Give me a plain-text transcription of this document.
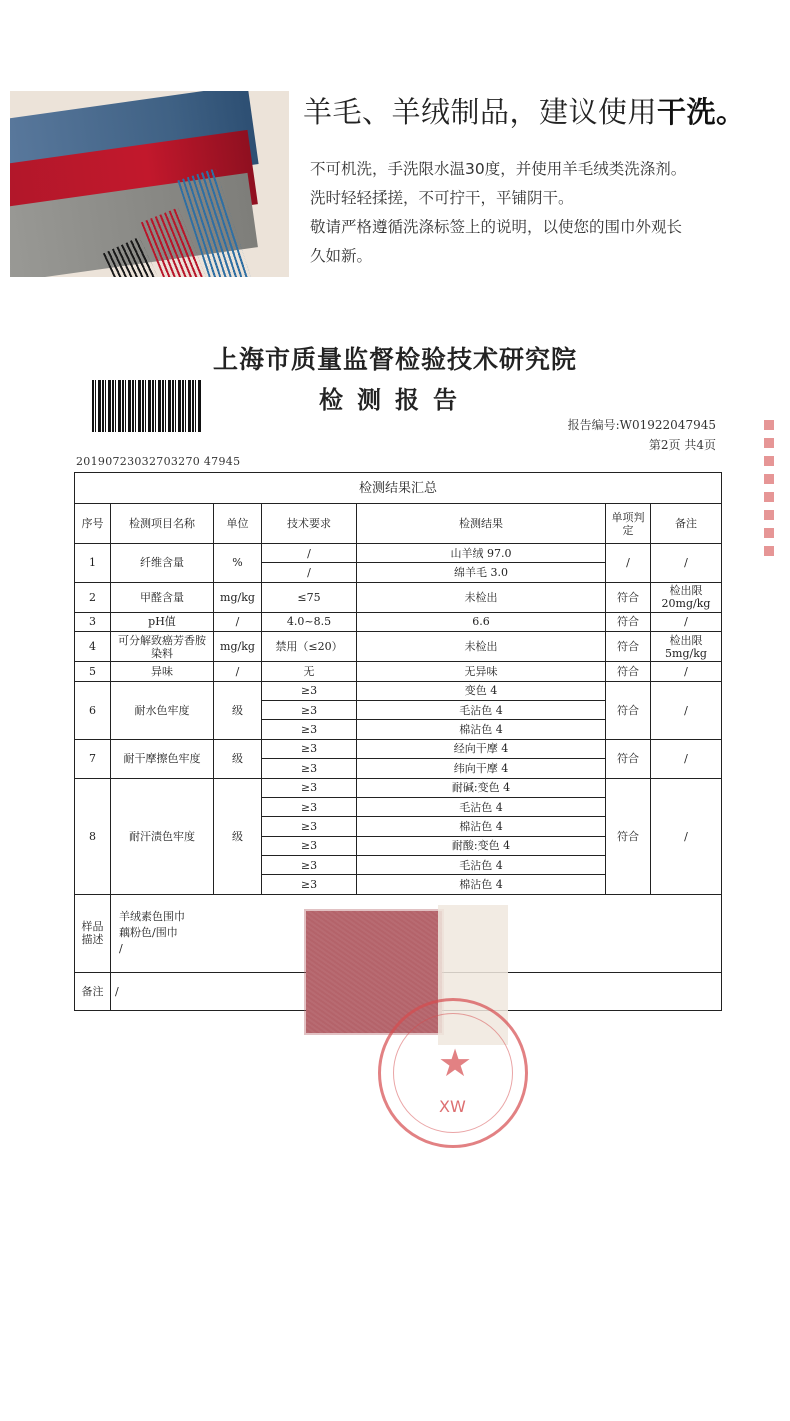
羊毛、羊绒制品，建议使用干洗。
不可机洗，手洗限水温30度，并使用羊毛绒类洗涤剂。
洗时轻轻揉搓，不可拧干，平铺阴干。
敬请严格遵循洗涤标签上的说明，以使您的围巾外观长
久如新。
上海市质量监督检验技术研究院
检测报告
报告编号:W01922047945
第2页 共4页
20190723032703270 47945
检测结果汇总						
序号	检测项目名称	单位	技术要求	检测结果	单项判定	备注
1	纤维含量	%	/	山羊绒 97.0	/	/
			/	绵羊毛 3.0		
2	甲醛含量	mg/kg	≤75	未检出	符合	检出限20mg/kg
3	pH值	/	4.0~8.5	6.6	符合	/
4	可分解致癌芳香胺染料	mg/kg	禁用（≤20）	未检出	符合	检出限5mg/kg
5	异味	/	无	无异味	符合	/
6	耐水色牢度	级	≥3	变色 4	符合	/
			≥3	毛沾色 4		
			≥3	棉沾色 4		
7	耐干摩擦色牢度	级	≥3	经向干摩 4	符合	/
			≥3	纬向干摩 4		
8	耐汗渍色牢度	级	≥3	耐碱:变色 4	符合	/
			≥3	毛沾色 4		
			≥3	棉沾色 4		
			≥3	耐酸:变色 4		
			≥3	毛沾色 4		
			≥3	棉沾色 4		
样品描述	羊绒素色围巾
藕粉色/围巾
/					

备注	/					
★
XW
